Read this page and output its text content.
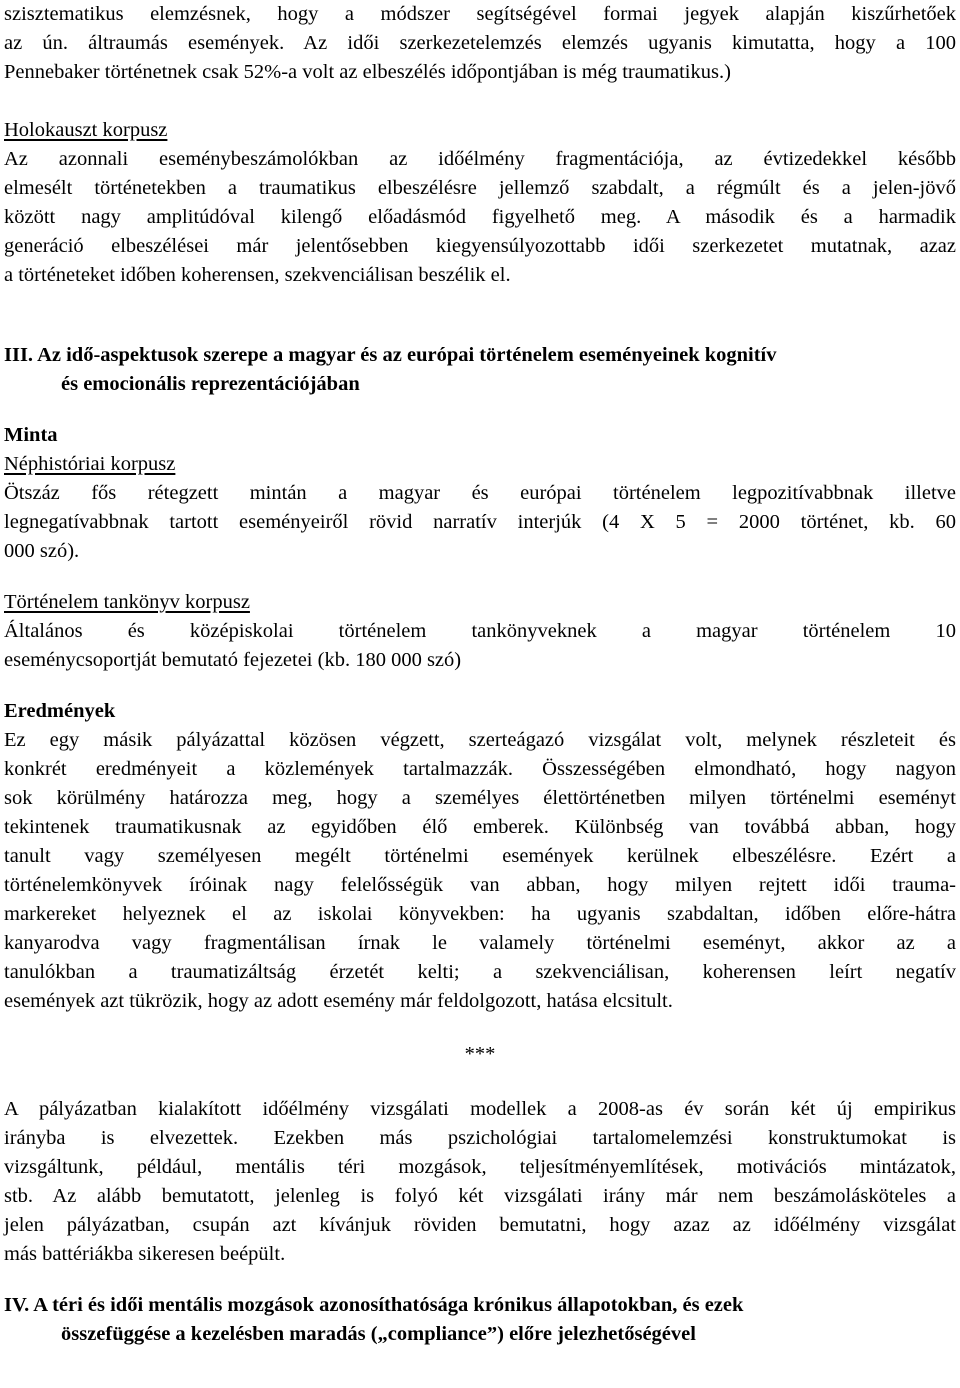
szisztematikus elemzésnek, hogy a módszer segítségével formai jegyek alapján kiszűrhetőek
az ún. áltraumás események. Az idői szerkezetelemzés elemzés ugyanis kimutatta, hogy a 100
Pennebaker történetnek csak 52%-a volt az elbeszélés időpontjában is még traumatikus.)
Holokauszt korpusz
Az azonnali eseménybeszámolókban az időélmény fragmentációja, az évtizedekkel később
elmesélt történetekben a traumatikus elbeszélésre jellemző szabdalt, a régmúlt és a jelen-jövő
között nagy amplitúdóval kilengő előadásmód figyelhető meg. A második és a harmadik
generáció elbeszélései már jelentősebben kiegyensúlyozottabb idői szerkezetet mutatnak, azaz
a történeteket időben koherensen, szekvenciálisan beszélik el.
III. Az idő-aspektusok szerepe a magyar és az európai történelem eseményeinek kognitív
és emocionális reprezentációjában
Minta
Néphistóriai korpusz
Ötszáz fős rétegzett mintán a magyar és európai történelem legpozitívabbnak illetve
legnegatívabbnak tartott eseményeiről rövid narratív interjúk (4 X 5 = 2000 történet, kb. 60
000 szó).
Történelem tankönyv korpusz
Általános és középiskolai történelem tankönyveknek a magyar történelem 10
eseménycsoportját bemutató fejezetei (kb. 180 000 szó)
Eredmények
Ez egy másik pályázattal közösen végzett, szerteágazó vizsgálat volt, melynek részleteit és
konkrét eredményeit a közlemények tartalmazzák. Összességében elmondható, hogy nagyon
sok körülmény határozza meg, hogy a személyes élettörténetben milyen történelmi eseményt
tekintenek traumatikusnak az egyidőben élő emberek. Különbség van továbbá abban, hogy
tanult vagy személyesen megélt történelmi események kerülnek elbeszélésre. Ezért a
történelemkönyvek íróinak nagy felelősségük van abban, hogy milyen rejtett idői trauma-
markereket helyeznek el az iskolai könyvekben: ha ugyanis szabdaltan, időben előre-hátra
kanyarodva vagy fragmentálisan írnak le valamely történelmi eseményt, akkor az a
tanulókban a traumatizáltság érzetét kelti; a szekvenciálisan, koherensen leírt negatív
események azt tükrözik, hogy az adott esemény már feldolgozott, hatása elcsitult.
***
A pályázatban kialakított időélmény vizsgálati modellek a 2008-as év során két új empirikus
irányba is elvezettek. Ezekben más pszichológiai tartalomelemzési konstruktumokat is
vizsgáltunk, például, mentális téri mozgások, teljesítményemlítések, motivációs mintázatok,
stb. Az alább bemutatott, jelenleg is folyó két vizsgálati irány már nem beszámolásköteles a
jelen pályázatban, csupán azt kívánjuk röviden bemutatni, hogy azaz az időélmény vizsgálat
más battériákba sikeresen beépült.
IV. A téri és idői mentális mozgások azonosíthatósága krónikus állapotokban, és ezek
összefüggése a kezelésben maradás („compliance”) előre jelezhetőségével
